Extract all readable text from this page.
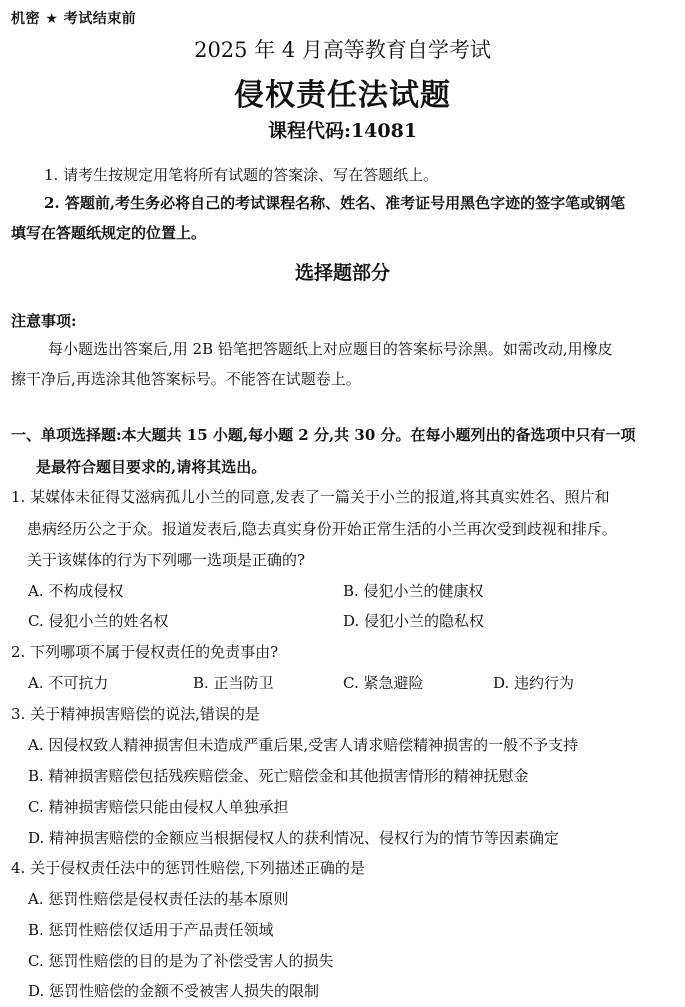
机密 ★ 考试结束前
2025 年 4 月高等教育自学考试
侵权责任法试题
课程代码:14081
1. 请考生按规定用笔将所有试题的答案涂、写在答题纸上。
2. 答题前,考生务必将自己的考试课程名称、姓名、准考证号用黑色字迹的签字笔或钢笔
填写在答题纸规定的位置上。
选择题部分
注意事项:
每小题选出答案后,用 2B 铅笔把答题纸上对应题目的答案标号涂黑。如需改动,用橡皮
擦干净后,再选涂其他答案标号。不能答在试题卷上。
一、单项选择题:本大题共 15 小题,每小题 2 分,共 30 分。在每小题列出的备选项中只有一项
是最符合题目要求的,请将其选出。
1. 某媒体未征得艾滋病孤儿小兰的同意,发表了一篇关于小兰的报道,将其真实姓名、照片和
患病经历公之于众。报道发表后,隐去真实身份开始正常生活的小兰再次受到歧视和排斥。
关于该媒体的行为下列哪一选项是正确的?
A. 不构成侵权	B. 侵犯小兰的健康权
C. 侵犯小兰的姓名权	D. 侵犯小兰的隐私权
2. 下列哪项不属于侵权责任的免责事由?
A. 不可抗力	B. 正当防卫	C. 紧急避险	D. 违约行为
3. 关于精神损害赔偿的说法,错误的是
A. 因侵权致人精神损害但未造成严重后果,受害人请求赔偿精神损害的一般不予支持
B. 精神损害赔偿包括残疾赔偿金、死亡赔偿金和其他损害情形的精神抚慰金
C. 精神损害赔偿只能由侵权人单独承担
D. 精神损害赔偿的金额应当根据侵权人的获利情况、侵权行为的情节等因素确定
4. 关于侵权责任法中的惩罚性赔偿,下列描述正确的是
A. 惩罚性赔偿是侵权责任法的基本原则
B. 惩罚性赔偿仅适用于产品责任领域
C. 惩罚性赔偿的目的是为了补偿受害人的损失
D. 惩罚性赔偿的金额不受被害人损失的限制
